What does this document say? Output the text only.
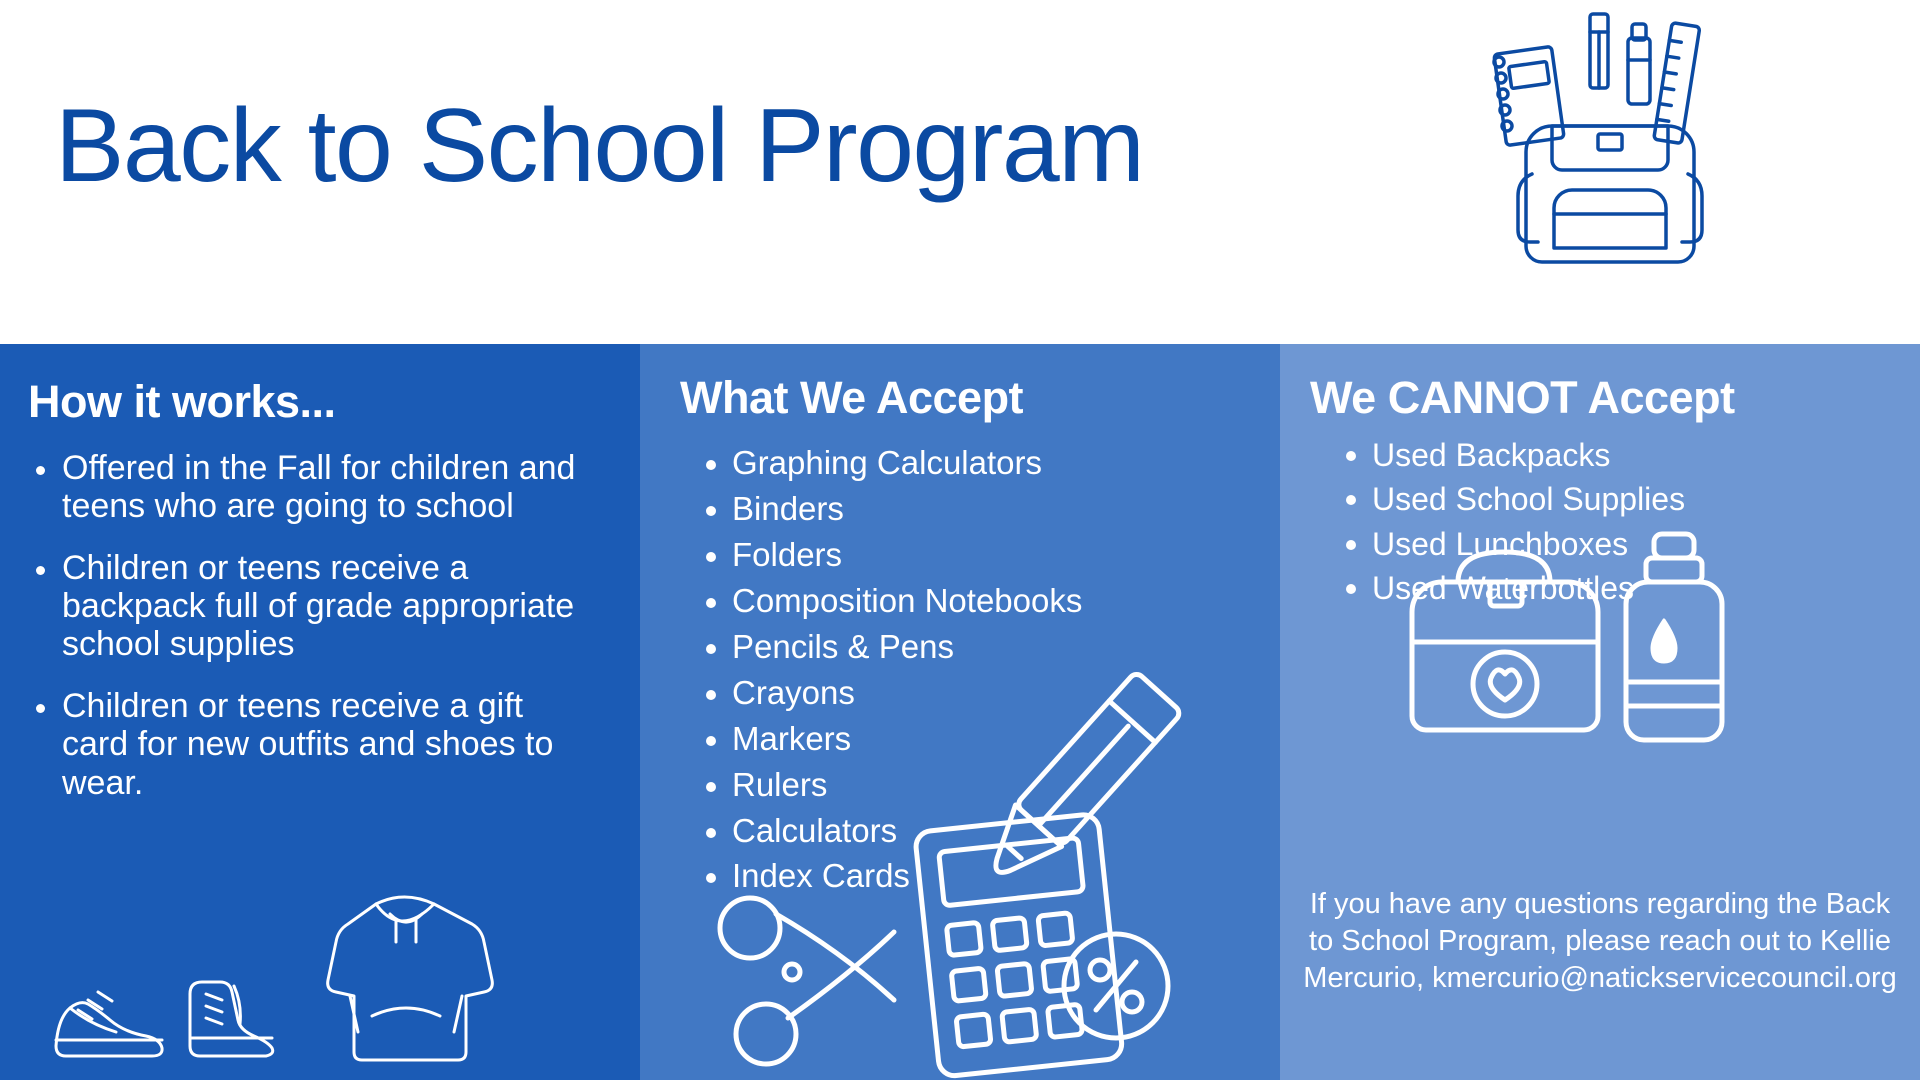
Back to School Program
How it works...
Offered in the Fall for children and teens who are going to school
Children or teens receive a backpack full of grade appropriate school supplies
Children or teens receive a gift card for new outfits and shoes to wear.
What We Accept
Graphing Calculators
Binders
Folders
Composition Notebooks
Pencils & Pens
Crayons
Markers
Rulers
Calculators
Index Cards
We CANNOT Accept
Used Backpacks
Used School Supplies
Used Lunchboxes
Used Waterbottles
If you have any questions regarding the Back to School Program, please reach out to Kellie Mercurio, kmercurio@natickservicecouncil.org
